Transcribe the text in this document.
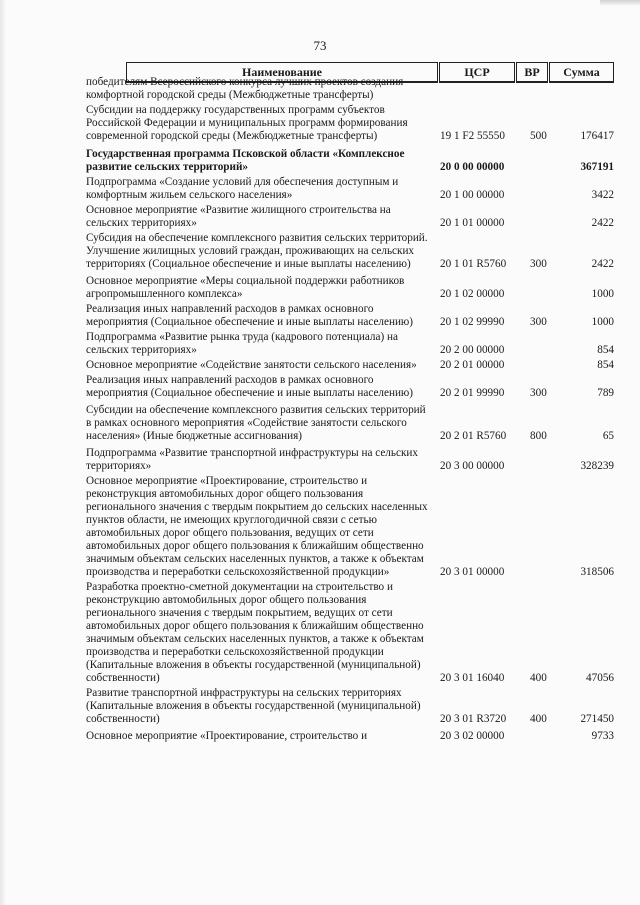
73
Наименование	ЦСР	ВР	Сумма
победителям Всероссийского конкурса лучших проектов создания комфортной городской среды (Межбюджетные трансферты)
Субсидии на поддержку государственных программ субъектов Российской Федерации и муниципальных программ формирования современной городской среды (Межбюджетные трансферты)	19 1 F2 55550 500	176417
Государственная программа Псковской области «Комплексное развитие сельских территорий»	20 0 00 00000	367191
Подпрограмма «Создание условий для обеспечения доступным и комфортным жильем сельского населения»	20 1 00 00000	3422
Основное мероприятие «Развитие жилищного строительства на сельских территориях»	20 1 01 00000	2422
Субсидия на обеспечение комплексного развития сельских территорий. Улучшение жилищных условий граждан, проживающих на сельских территориях (Социальное обеспечение и иные выплаты населению)	20 1 01 R5760 300	2422
Основное мероприятие «Меры социальной поддержки работников агропромышленного комплекса»	20 1 02 00000	1000
Реализация иных направлений расходов в рамках основного мероприятия (Социальное обеспечение и иные выплаты населению)	20 1 02 99990 300	1000
Подпрограмма «Развитие рынка труда (кадрового потенциала) на сельских территориях»	20 2 00 00000	854
Основное мероприятие «Содействие занятости сельского населения»	20 2 01 00000	854
Реализация иных направлений расходов в рамках основного мероприятия (Социальное обеспечение и иные выплаты населению)	20 2 01 99990 300	789
Субсидии на обеспечение комплексного развития сельских территорий в рамках основного мероприятия «Содействие занятости сельского населения» (Иные бюджетные ассигнования)	20 2 01 R5760 800	65
Подпрограмма «Развитие транспортной инфраструктуры на сельских территориях»	20 3 00 00000	328239
Основное мероприятие «Проектирование, строительство и реконструкция автомобильных дорог общего пользования регионального значения с твердым покрытием до сельских населенных пунктов области, не имеющих круглогодичной связи с сетью автомобильных дорог общего пользования, ведущих от сети автомобильных дорог общего пользования к ближайшим общественно значимым объектам сельских населенных пунктов, а также к объектам производства и переработки сельскохозяйственной продукции»	20 3 01 00000	318506
Разработка проектно-сметной документации на строительство и реконструкцию автомобильных дорог общего пользования регионального значения с твердым покрытием, ведущих от сети автомобильных дорог общего пользования к ближайшим общественно значимым объектам сельских населенных пунктов, а также к объектам производства и переработки сельскохозяйственной продукции (Капитальные вложения в объекты государственной (муниципальной) собственности)	20 3 01 16040 400	47056
Развитие транспортной инфраструктуры на сельских территориях (Капитальные вложения в объекты государственной (муниципальной) собственности)	20 3 01 R3720 400	271450
Основное мероприятие «Проектирование, строительство и	20 3 02 00000	9733
